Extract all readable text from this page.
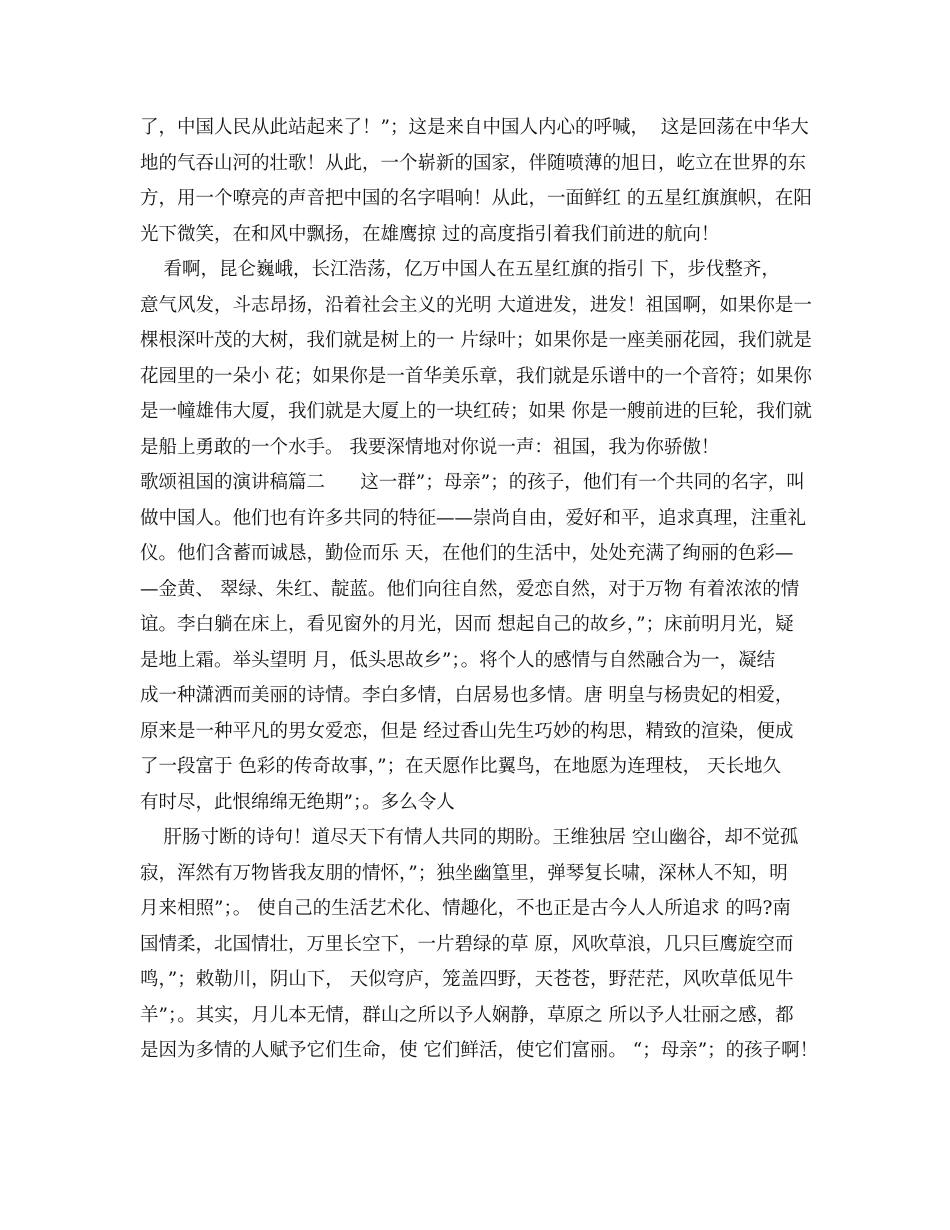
了，中国人民从此站起来了！”；这是来自中国人内心的呼喊，  这是回荡在中华大
地的气吞山河的壮歌！从此，一个崭新的国家，伴随喷薄的旭日，屹立在世界的东
方，用一个嘹亮的声音把中国的名字唱响！从此，一面鲜红 的五星红旗旗帜，在阳
光下微笑，在和风中飘扬，在雄鹰掠 过的高度指引着我们前进的航向！
看啊，昆仑巍峨，长江浩荡，亿万中国人在五星红旗的指引 下，步伐整齐，
意气风发，斗志昂扬，沿着社会主义的光明 大道进发，进发！祖国啊，如果你是一
棵根深叶茂的大树，我们就是树上的一 片绿叶；如果你是一座美丽花园，我们就是
花园里的一朵小 花；如果你是一首华美乐章，我们就是乐谱中的一个音符；如果你
是一幢雄伟大厦，我们就是大厦上的一块红砖；如果 你是一艘前进的巨轮，我们就
是船上勇敢的一个水手。 我要深情地对你说一声：祖国，我为你骄傲！
歌颂祖国的演讲稿篇二      这一群”；母亲”；的孩子，他们有一个共同的名字，叫
做中国人。他们也有许多共同的特征——崇尚自由，爱好和平，追求真理，注重礼
仪。他们含蓄而诚恳，勤俭而乐 天，在他们的生活中，处处充满了绚丽的色彩—
—金黄、 翠绿、朱红、靛蓝。他们向往自然，爱恋自然，对于万物 有着浓浓的情
谊。李白躺在床上，看见窗外的月光，因而 想起自己的故乡，”；床前明月光，疑
是地上霜。举头望明 月，低头思故乡”；。将个人的感情与自然融合为一，凝结
成一种潇洒而美丽的诗情。李白多情，白居易也多情。唐 明皇与杨贵妃的相爱，
原来是一种平凡的男女爱恋，但是 经过香山先生巧妙的构思，精致的渲染，便成
了一段富于 色彩的传奇故事，”；在天愿作比翼鸟，在地愿为连理枝， 天长地久
有时尽，此恨绵绵无绝期”；。多么令人
肝肠寸断的诗句！道尽天下有情人共同的期盼。王维独居 空山幽谷，却不觉孤
寂，浑然有万物皆我友朋的情怀，”；独坐幽篁里，弹琴复长啸，深林人不知，明
月来相照”；。 使自己的生活艺术化、情趣化，不也正是古今人人所追求 的吗?南
国情柔，北国情壮，万里长空下，一片碧绿的草 原，风吹草浪，几只巨鹰旋空而
鸣，”；敕勒川，阴山下， 天似穹庐，笼盖四野，天苍苍，野茫茫，风吹草低见牛
羊”；。其实，月儿本无情，群山之所以予人娴静，草原之 所以予人壮丽之感，都
是因为多情的人赋予它们生命，使 它们鲜活，使它们富丽。 “；母亲”；的孩子啊！
